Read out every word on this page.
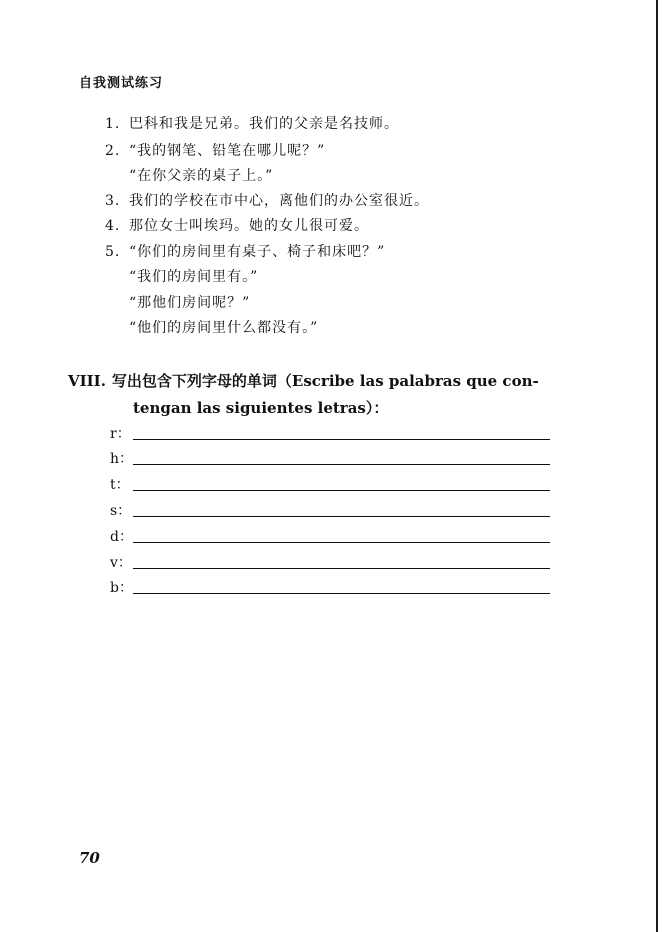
自我测试练习
1. 巴科和我是兄弟。我们的父亲是名技师。
2. “我的钢笔、铅笔在哪儿呢？”
“在你父亲的桌子上。”
3. 我们的学校在市中心，离他们的办公室很近。
4. 那位女士叫埃玛。她的女儿很可爱。
5. “你们的房间里有桌子、椅子和床吧？”
“我们的房间里有。”
“那他们房间呢？”
“他们的房间里什么都没有。”
VIII. 写出包含下列字母的单词（Escribe las palabras que con-
tengan las siguientes letras）：
r：
h：
t：
s：
d：
v：
b：
70
